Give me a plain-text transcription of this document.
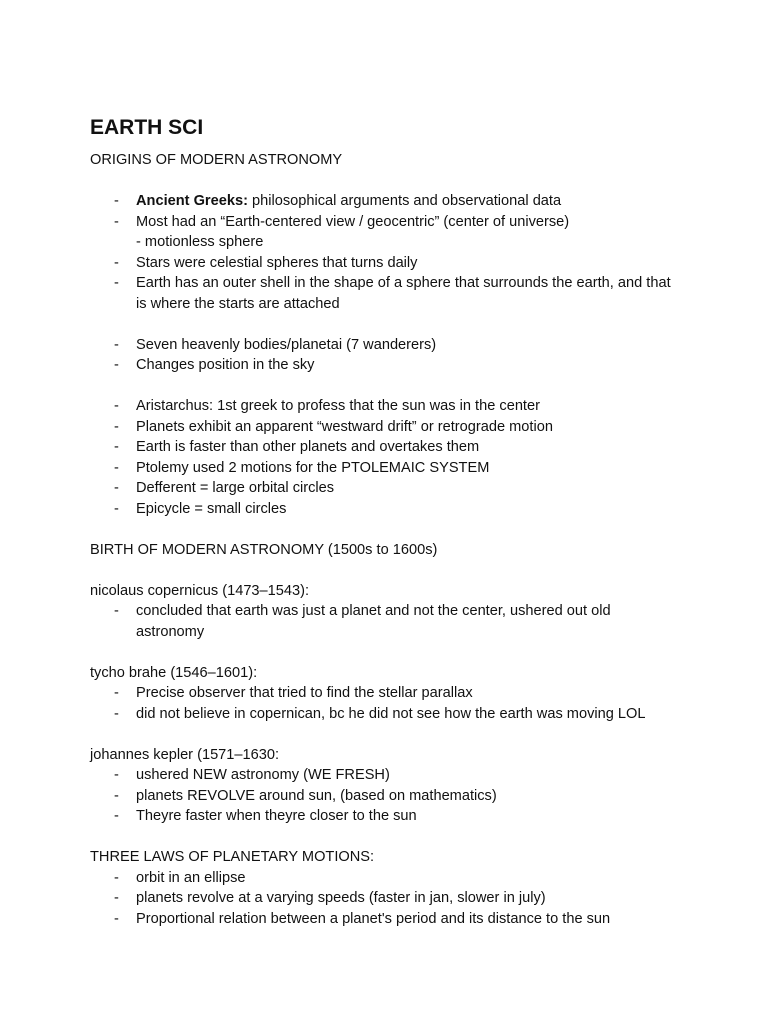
EARTH SCI
ORIGINS OF MODERN ASTRONOMY
- Ancient Greeks: philosophical arguments and observational data
- Most had an “Earth-centered view / geocentric” (center of universe)
- motionless sphere
- Stars were celestial spheres that turns daily
- Earth has an outer shell in the shape of a sphere that surrounds the earth, and that is where the starts are attached
- Seven heavenly bodies/planetai (7 wanderers)
- Changes position in the sky
- Aristarchus: 1st greek to profess that the sun was in the center
- Planets exhibit an apparent “westward drift” or retrograde motion
- Earth is faster than other planets and overtakes them
- Ptolemy used 2 motions for the PTOLEMAIC SYSTEM
- Defferent = large orbital circles
- Epicycle = small circles
BIRTH OF MODERN ASTRONOMY (1500s to 1600s)
nicolaus copernicus (1473–1543):
- concluded that earth was just a planet and not the center, ushered out old astronomy
tycho brahe (1546–1601):
- Precise observer that tried to find the stellar parallax
- did not believe in copernican, bc he did not see how the earth was moving LOL
johannes kepler (1571–1630:
- ushered NEW astronomy (WE FRESH)
- planets REVOLVE around sun, (based on mathematics)
- Theyre faster when theyre closer to the sun
THREE LAWS OF PLANETARY MOTIONS:
- orbit in an ellipse
- planets revolve at a varying speeds (faster in jan, slower in july)
- Proportional relation between a planet's period and its distance to the sun
